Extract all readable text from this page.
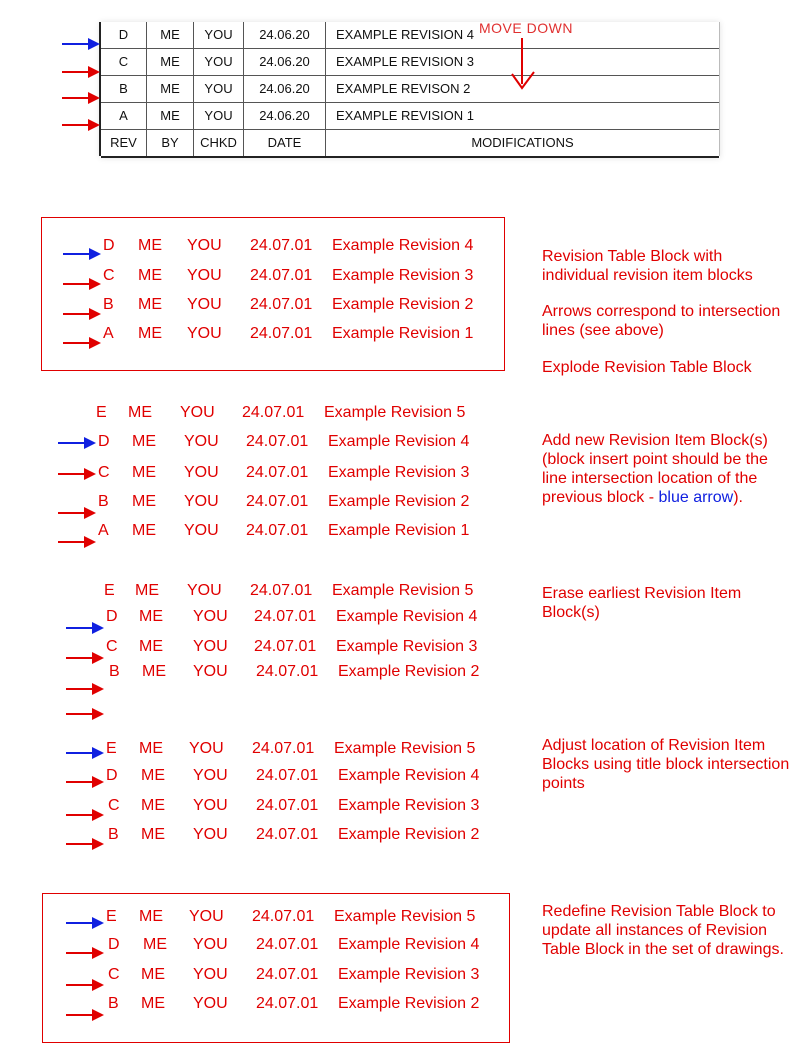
D	ME	YOU	24.06.20	EXAMPLE REVISION 4
C	ME	YOU	24.06.20	EXAMPLE REVISION 3
B	ME	YOU	24.06.20	EXAMPLE REVISON 2
A	ME	YOU	24.06.20	EXAMPLE REVISION 1
REV	BY	CHKD	DATE	MODIFICATIONS
MOVE DOWN
D ME YOU 24.07.01 Example Revision 4
C ME YOU 24.07.01 Example Revision 3
B ME YOU 24.07.01 Example Revision 2
A ME YOU 24.07.01 Example Revision 1
Revision Table Block with individual revision item blocks
Arrows correspond to intersection lines (see above)
Explode Revision Table Block
E ME YOU 24.07.01 Example Revision 5
D ME YOU 24.07.01 Example Revision 4
C ME YOU 24.07.01 Example Revision 3
B ME YOU 24.07.01 Example Revision 2
A ME YOU 24.07.01 Example Revision 1
Add new Revision Item Block(s) (block insert point should be the line intersection location of the previous block - blue arrow).
E ME YOU 24.07.01 Example Revision 5
D ME YOU 24.07.01 Example Revision 4
C ME YOU 24.07.01 Example Revision 3
B ME YOU 24.07.01 Example Revision 2
Erase earliest Revision Item Block(s)
E ME YOU 24.07.01 Example Revision 5
D ME YOU 24.07.01 Example Revision 4
C ME YOU 24.07.01 Example Revision 3
B ME YOU 24.07.01 Example Revision 2
Adjust location of Revision Item Blocks using title block intersection points
E ME YOU 24.07.01 Example Revision 5
D ME YOU 24.07.01 Example Revision 4
C ME YOU 24.07.01 Example Revision 3
B ME YOU 24.07.01 Example Revision 2
Redefine Revision Table Block to update all instances of Revision Table Block in the set of drawings.
